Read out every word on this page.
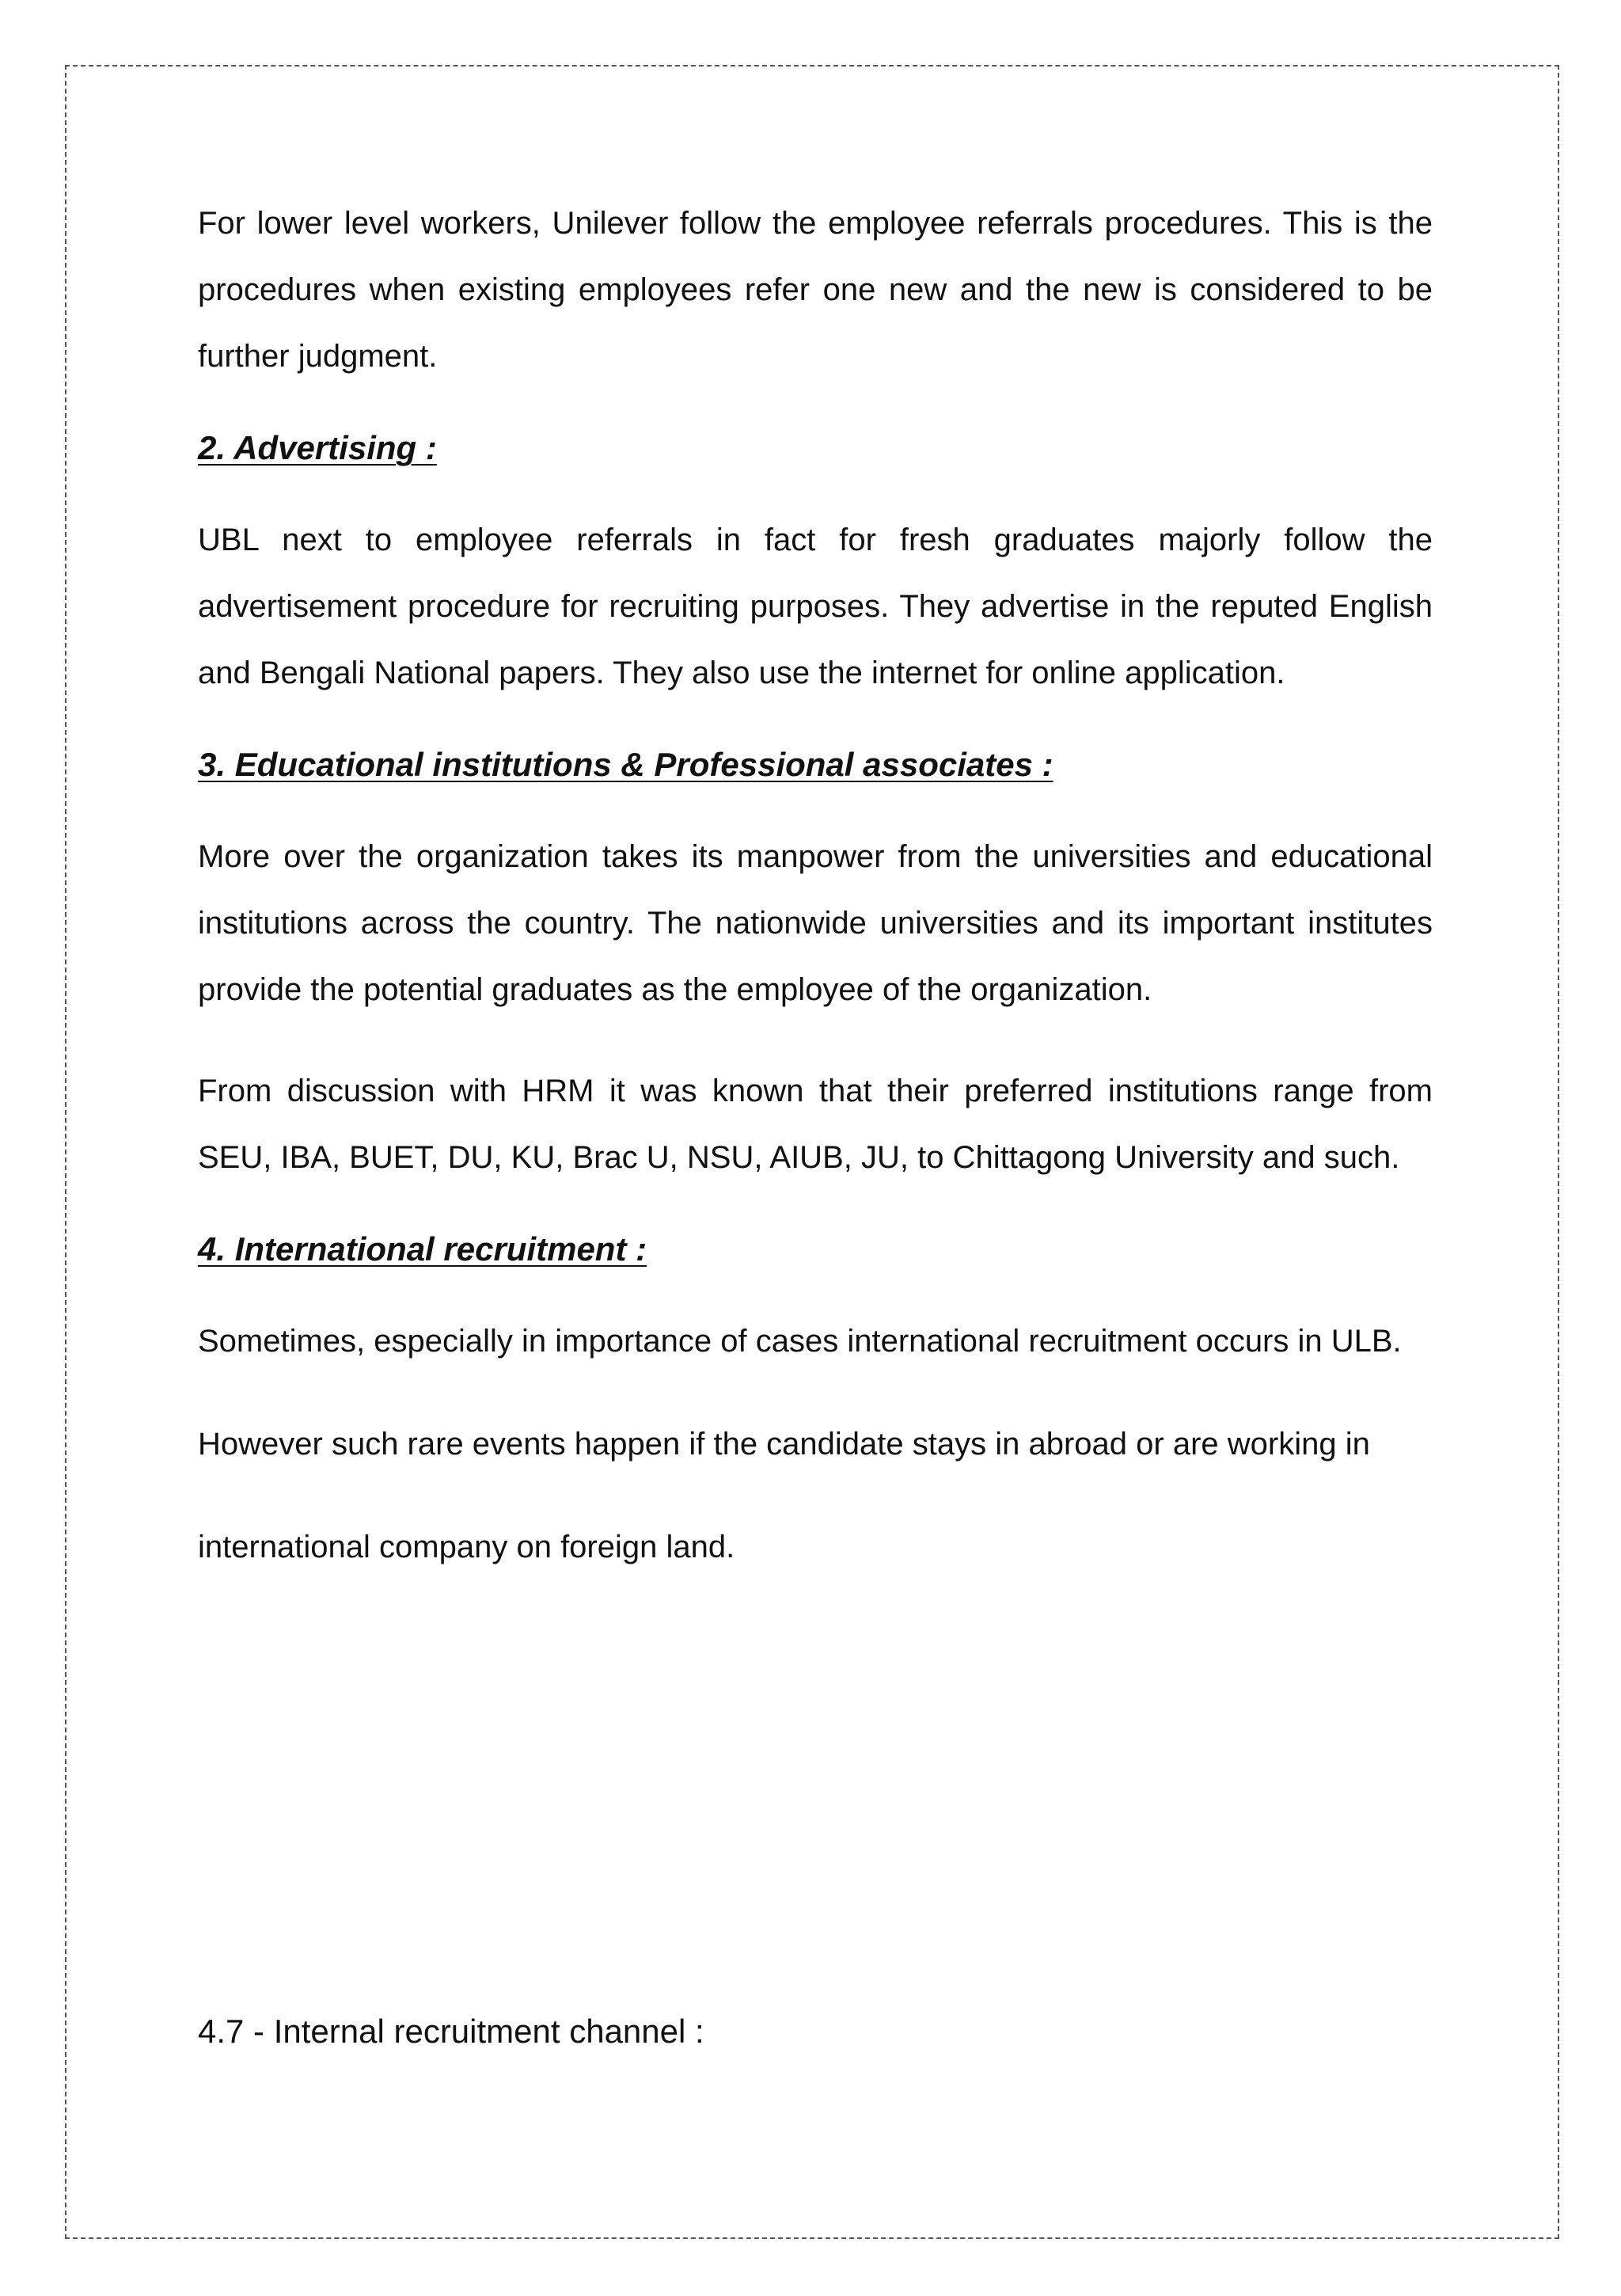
For lower level workers, Unilever follow the employee referrals procedures. This is the procedures when existing employees refer one new and the new is considered to be further judgment.

2. Advertising :

UBL next to employee referrals in fact for fresh graduates majorly follow the advertisement procedure for recruiting purposes. They advertise in the reputed English and Bengali National papers. They also use the internet for online application.

3. Educational institutions & Professional associates :

More over the organization takes its manpower from the universities and educational institutions across the country. The nationwide universities and its important institutes provide the potential graduates as the employee of the organization.

From discussion with HRM it was known that their preferred institutions range from SEU, IBA, BUET, DU, KU, Brac U, NSU, AIUB, JU, to Chittagong University and such.

4. International recruitment :

Sometimes, especially in importance of cases international recruitment occurs in ULB.

However such rare events happen if the candidate stays in abroad or are working in

international company on foreign land.

4.7 - Internal recruitment channel :
